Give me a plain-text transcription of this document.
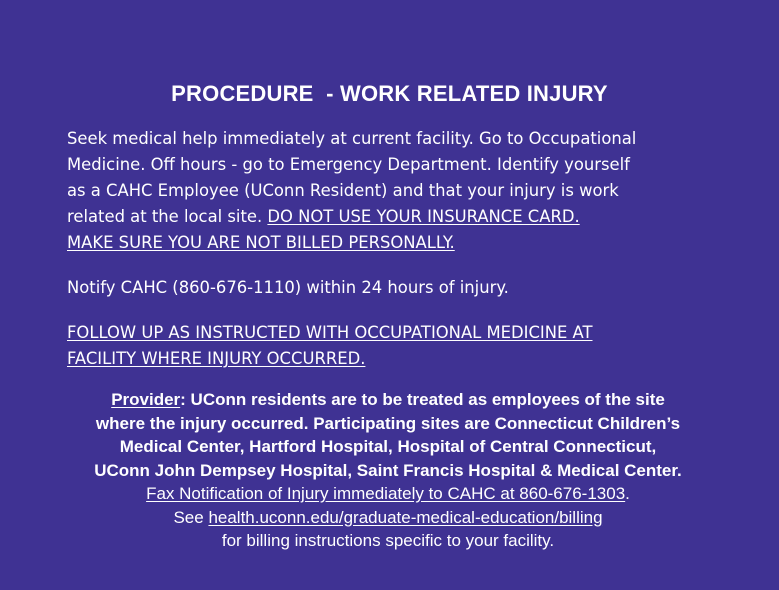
PROCEDURE  - WORK RELATED INJURY
Seek medical help immediately at current facility. Go to Occupational
Medicine. Off hours - go to Emergency Department. Identify yourself
as a CAHC Employee (UConn Resident) and that your injury is work
related at the local site. DO NOT USE YOUR INSURANCE CARD.
MAKE SURE YOU ARE NOT BILLED PERSONALLY.
Notify CAHC (860-676-1110) within 24 hours of injury.
FOLLOW UP AS INSTRUCTED WITH OCCUPATIONAL MEDICINE AT
FACILITY WHERE INJURY OCCURRED.
Provider: UConn residents are to be treated as employees of the site
where the injury occurred. Participating sites are Connecticut Children’s
Medical Center, Hartford Hospital, Hospital of Central Connecticut,
UConn John Dempsey Hospital, Saint Francis Hospital & Medical Center.
Fax Notification of Injury immediately to CAHC at 860-676-1303.
See health.uconn.edu/graduate-medical-education/billing
for billing instructions specific to your facility.
